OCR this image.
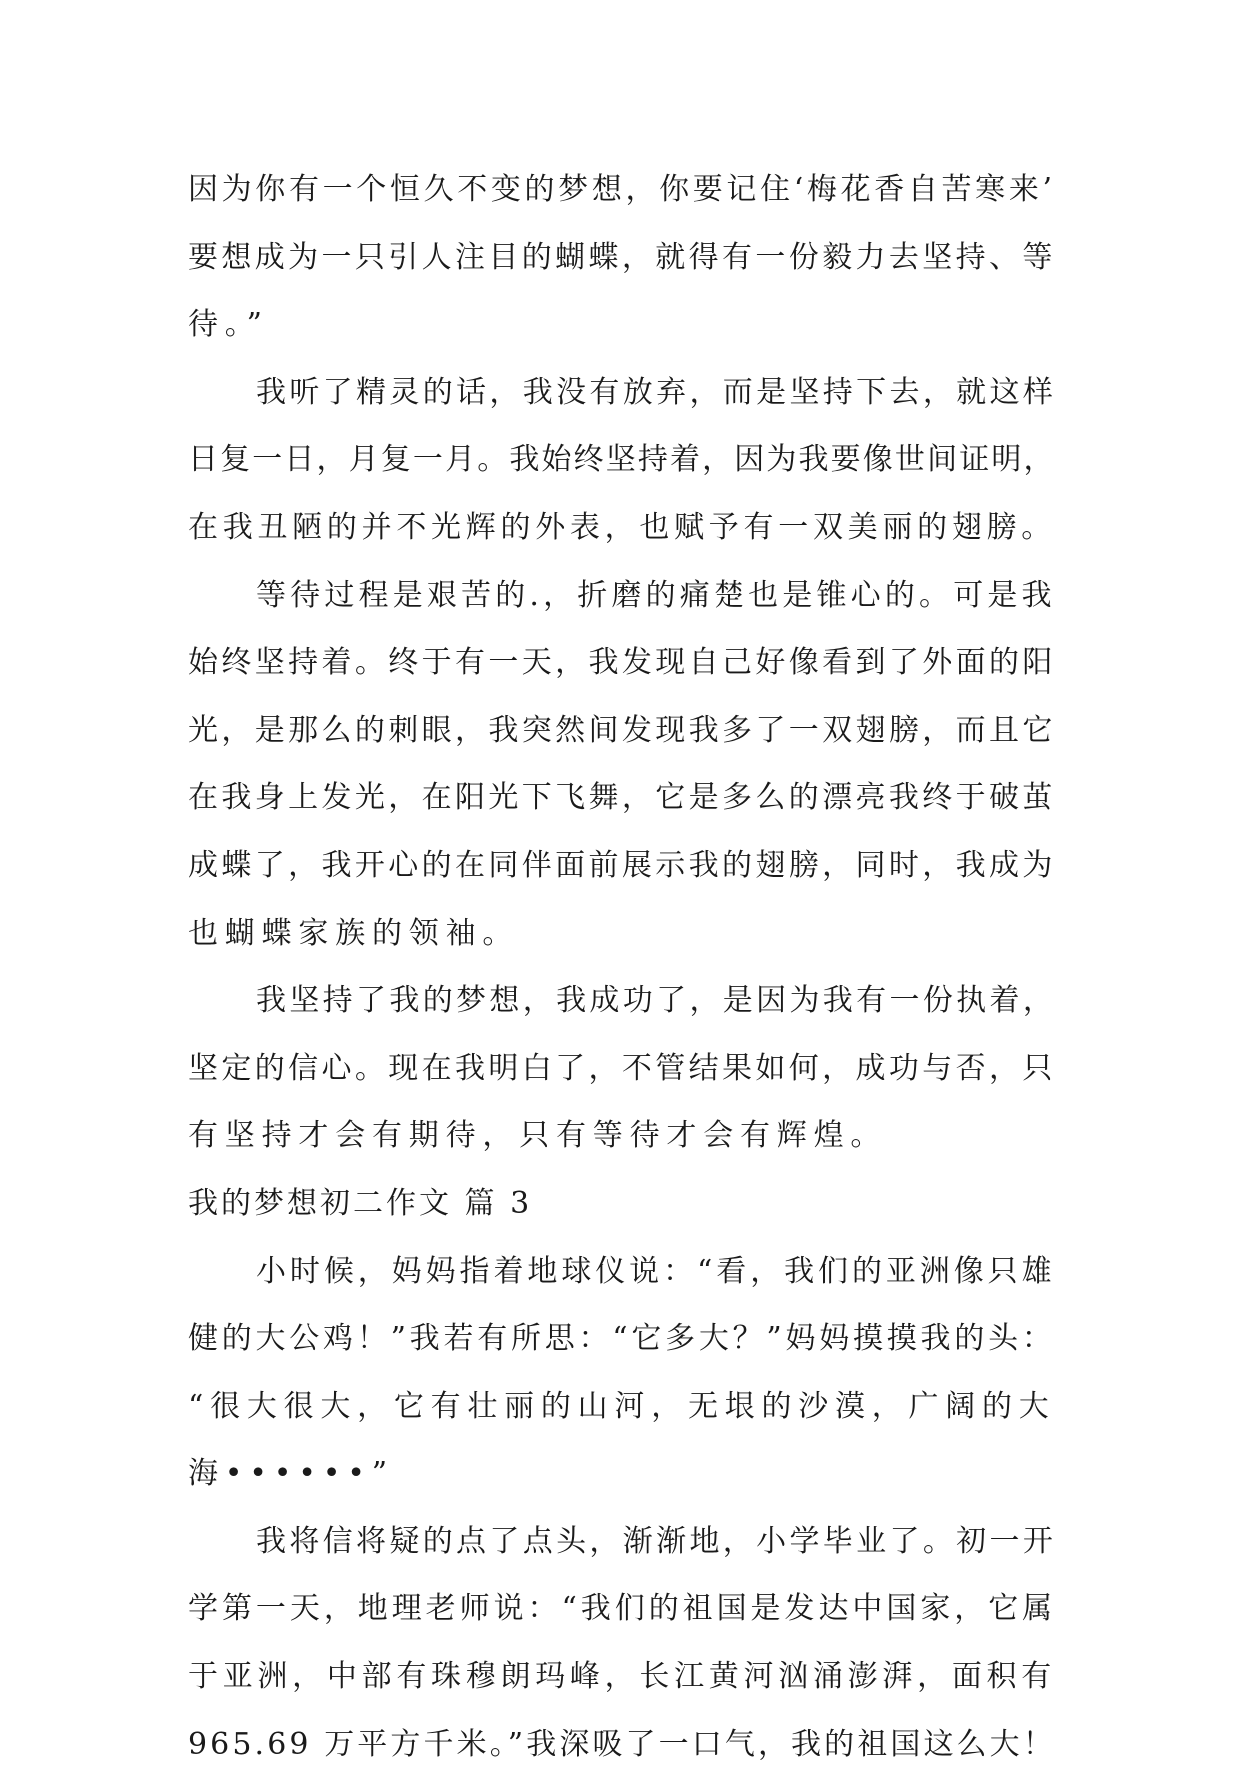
因为你有一个恒久不变的梦想，你要记住‘梅花香自苦寒来’
要想成为一只引人注目的蝴蝶，就得有一份毅力去坚持、等
待。”
我听了精灵的话，我没有放弃，而是坚持下去，就这样
日复一日，月复一月。我始终坚持着，因为我要像世间证明，
在我丑陋的并不光辉的外表，也赋予有一双美丽的翅膀。
等待过程是艰苦的.，折磨的痛楚也是锥心的。可是我
始终坚持着。终于有一天，我发现自己好像看到了外面的阳
光，是那么的刺眼，我突然间发现我多了一双翅膀，而且它
在我身上发光，在阳光下飞舞，它是多么的漂亮我终于破茧
成蝶了，我开心的在同伴面前展示我的翅膀，同时，我成为
也蝴蝶家族的领袖。
我坚持了我的梦想，我成功了，是因为我有一份执着，
坚定的信心。现在我明白了，不管结果如何，成功与否，只
有坚持才会有期待，只有等待才会有辉煌。
我的梦想初二作文 篇 3
小时候，妈妈指着地球仪说：“看，我们的亚洲像只雄
健的大公鸡！”我若有所思：“它多大？”妈妈摸摸我的头：
“很大很大，它有壮丽的山河，无垠的沙漠，广阔的大
海••••••”
我将信将疑的点了点头，渐渐地，小学毕业了。初一开
学第一天，地理老师说：“我们的祖国是发达中国家，它属
于亚洲，中部有珠穆朗玛峰，长江黄河汹涌澎湃，面积有
965.69 万平方千米。”我深吸了一口气，我的祖国这么大！
